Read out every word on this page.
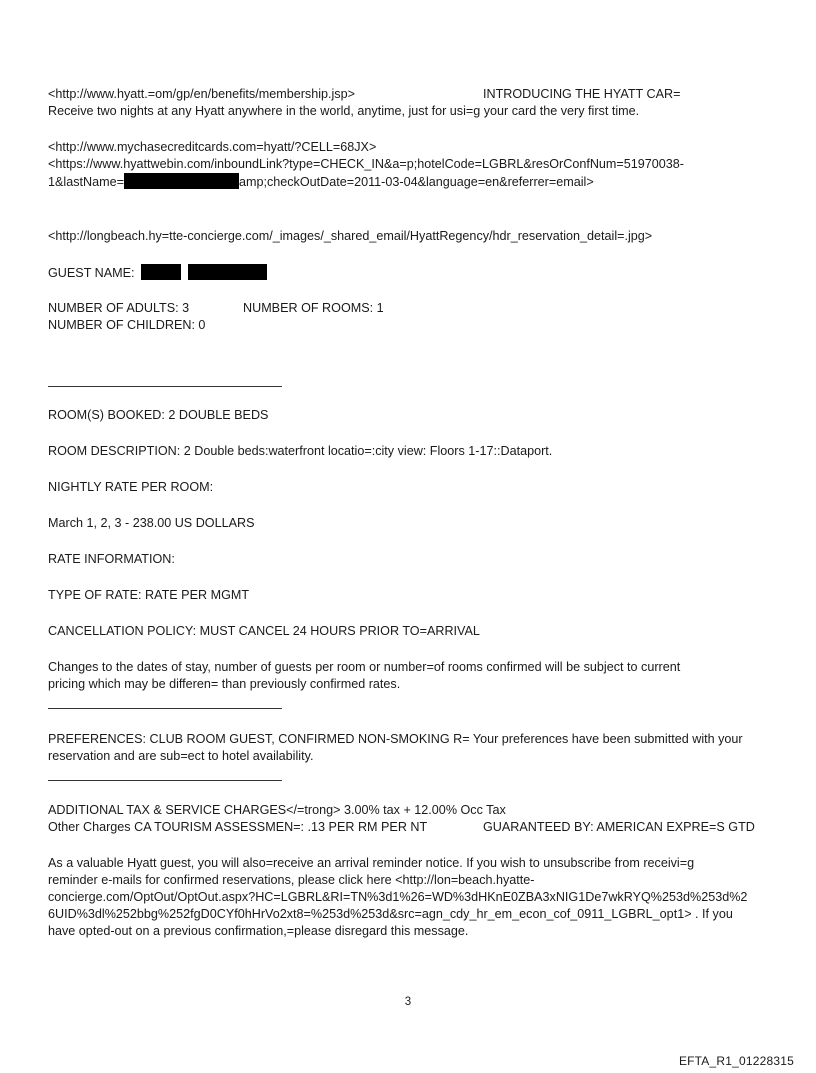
<http://www.hyatt.=om/gp/en/benefits/membership.jsp>	INTRODUCING THE HYATT CAR=
Receive two nights at any Hyatt anywhere in the world, anytime, just for usi=g your card the very first time.
<http://www.mychasecreditcards.com=hyatt/?CELL=68JX>
<https://www.hyattwebin.com/inboundLink?type=CHECK_IN&a=p;hotelCode=LGBRL&resOrConfNum=51970038-
1&lastName=	amp;checkOutDate=2011-03-04&language=en&referrer=email>
<http://longbeach.hy=tte-concierge.com/_images/_shared_email/HyattRegency/hdr_reservation_detail=.jpg>
GUEST NAME:
NUMBER OF ADULTS: 3	NUMBER OF ROOMS: 1
NUMBER OF CHILDREN: 0
ROOM(S) BOOKED: 2 DOUBLE BEDS
ROOM DESCRIPTION: 2 Double beds:waterfront locatio=:city view: Floors 1-17::Dataport.
NIGHTLY RATE PER ROOM:
March 1, 2, 3 - 238.00 US DOLLARS
RATE INFORMATION:
TYPE OF RATE: RATE PER MGMT
CANCELLATION POLICY: MUST CANCEL 24 HOURS PRIOR TO=ARRIVAL
Changes to the dates of stay, number of guests per room or number=of rooms confirmed will be subject to current
pricing which may be differen= than previously confirmed rates.
PREFERENCES: CLUB ROOM GUEST, CONFIRMED NON-SMOKING R= Your preferences have been submitted with your
reservation and are sub=ect to hotel availability.
ADDITIONAL TAX & SERVICE CHARGES</=trong> 3.00% tax + 12.00% Occ Tax
Other Charges CA TOURISM ASSESSMEN=: .13 PER RM PER NT	GUARANTEED BY: AMERICAN EXPRE=S GTD
As a valuable Hyatt guest, you will also=receive an arrival reminder notice. If you wish to unsubscribe from receivi=g
reminder e-mails for confirmed reservations, please click here <http://lon=beach.hyatte-
concierge.com/OptOut/OptOut.aspx?HC=LGBRL&RI=TN%3d1%26=WD%3dHKnE0ZBA3xNIG1De7wkRYQ%253d%253d%2
6UID%3dl%252bbg%252fgD0CYf0hHrVo2xt8=%253d%253d&src=agn_cdy_hr_em_econ_cof_0911_LGBRL_opt1> . If you
have opted-out on a previous confirmation,=please disregard this message.
3
EFTA_R1_01228315
